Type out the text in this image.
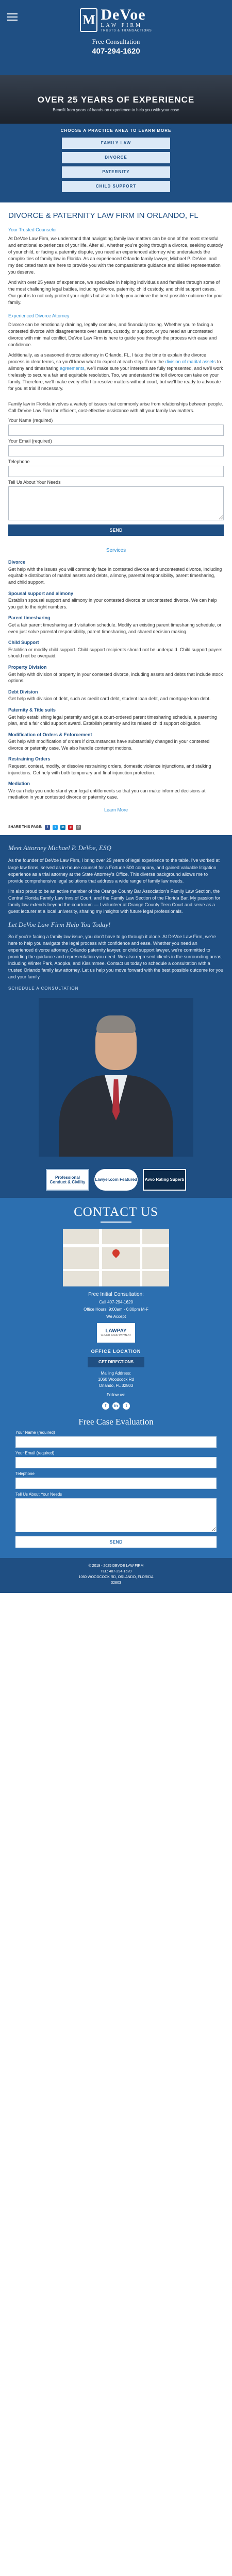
M DeVoe
LAW FIRM
TRUSTS & TRANSACTIONS
Free Consultation
407-294-1620
OVER 25 YEARS OF EXPERIENCE
Benefit from years of hands-on experience to help you with your case
CHOOSE A PRACTICE AREA TO LEARN MORE
FAMILY LAW
DIVORCE
PATERNITY
CHILD SUPPORT
DIVORCE & PATERNITY LAW FIRM IN ORLANDO, FL
Your Trusted Counselor

At DeVoe Law Firm, we understand that navigating family law matters can be one of the most stressful and emotional experiences of your life. After all, whether you're going through a divorce, seeking custody of your child, or facing a paternity dispute, you need an experienced attorney who understands the complexities of family law in Florida. As an experienced Orlando family lawyer, Michael P. DeVoe, and my dedicated team are here to provide you with the compassionate guidance and skilled representation you deserve.

And with over 25 years of experience, we specialize in helping individuals and families through some of the most challenging legal battles, including divorce, paternity, child custody, and child support cases. Our goal is to not only protect your rights but also to help you achieve the best possible outcome for your family.

Experienced Divorce Attorney

Divorce can be emotionally draining, legally complex, and financially taxing. Whether you're facing a contested divorce with disagreements over assets, custody, or support, or you need an uncontested divorce with minimal conflict, DeVoe Law Firm is here to guide you through the process with ease and confidence.

Additionally, as a seasoned divorce attorney in Orlando, FL, I take the time to explain the divorce process in clear terms, so you'll know what to expect at each step. From the division of marital assets to alimony and timesharing agreements, we'll make sure your interests are fully represented, and we'll work tirelessly to secure a fair and equitable resolution. Too, we understand the toll divorce can take on your family. Therefore, we'll make every effort to resolve matters without court, but we'll be ready to advocate for you at trial if necessary.

Family law in Florida involves a variety of issues that commonly arise from relationships between people. Call DeVoe Law Firm for efficient, cost-effective assistance with all your family law matters.

Your Name (required)
Your Email (required)
Telephone
Tell Us About Your Needs
SEND
Services
Divorce
Get help with the issues you will commonly face in contested divorce and uncontested divorce, including equitable distribution of marital assets and debts, alimony, parental responsibility, parent timesharing, and child support.
Spousal support and alimony
Establish spousal support and alimony in your contested divorce or uncontested divorce. We can help you get to the right numbers.
Parent timesharing
Get a fair parent timesharing and visitation schedule. Modify an existing parent timesharing schedule, or even just solve parental responsibility, parent timesharing, and shared decision making.
Child Support
Establish or modify child support. Child support recipients should not be underpaid. Child support payers should not be overpaid.
Property Division
Get help with division of property in your contested divorce, including assets and debts that include stock options.
Debt Division
Get help with division of debt, such as credit card debt, student loan debt, and mortgage loan debt.
Paternity & Title suits
Get help establishing legal paternity and get a court-ordered parent timesharing schedule, a parenting plan, and a fair child support award. Establish paternity and its related child support obligation.
Modification of Orders & Enforcement
Get help with modification of orders if circumstances have substantially changed in your contested divorce or paternity case. We also handle contempt motions.
Restraining Orders
Request, contest, modify, or dissolve restraining orders, domestic violence injunctions, and stalking injunctions. Get help with both temporary and final injunction protection.
Mediation
We can help you understand your legal entitlements so that you can make informed decisions at mediation in your contested divorce or paternity case.
Learn More
SHARE THIS PAGE:	f	t	in	p	@
Meet Attorney Michael P. DeVoe, ESQ

As the founder of DeVoe Law Firm, I bring over 25 years of legal experience to the table. I've worked at large law firms, served as in-house counsel for a Fortune 500 company, and gained valuable litigation experience as a trial attorney at the State Attorney's Office. This diverse background allows me to provide comprehensive legal solutions that address a wide range of family law needs.

I'm also proud to be an active member of the Orange County Bar Association's Family Law Section, the Central Florida Family Law Inns of Court, and the Family Law Section of the Florida Bar. My passion for family law extends beyond the courtroom — I volunteer at Orange County Teen Court and serve as a guest lecturer at a local university, sharing my insights with future legal professionals.

Let DeVoe Law Firm Help You Today!

So if you're facing a family law issue, you don't have to go through it alone. At DeVoe Law Firm, we're here to help you navigate the legal process with confidence and ease. Whether you need an experienced divorce attorney, Orlando paternity lawyer, or child support lawyer, we're committed to providing the guidance and representation you need. We also represent clients in the surrounding areas, including Winter Park, Apopka, and Kissimmee. Contact us today to schedule a consultation with a trusted Orlando family law attorney. Let us help you move forward with the best possible outcome for you and your family.

SCHEDULE A CONSULTATION
Professional Conduct & Civility	Lawyer.com Featured	Avvo Rating Superb
CONTACT US
Free Initial Consultation:
Call 407-294-1620
Office Hours: 9:00am - 6:00pm M-F
We Accept
LAWPAY
CREDIT CARD PAYMENT
OFFICE LOCATION
GET DIRECTIONS
Mailing Address:
1060 Woodcock Rd
Orlando, FL 32803
Follow us:
f	in	t
Free Case Evaluation
Your Name (required)
Your Email (required)
Telephone
Tell Us About Your Needs
SEND
© 2019 - 2025 DEVOE LAW FIRM
TEL: 407-294-1620
1060 WOODCOCK RD, ORLANDO, FLORIDA
32803
